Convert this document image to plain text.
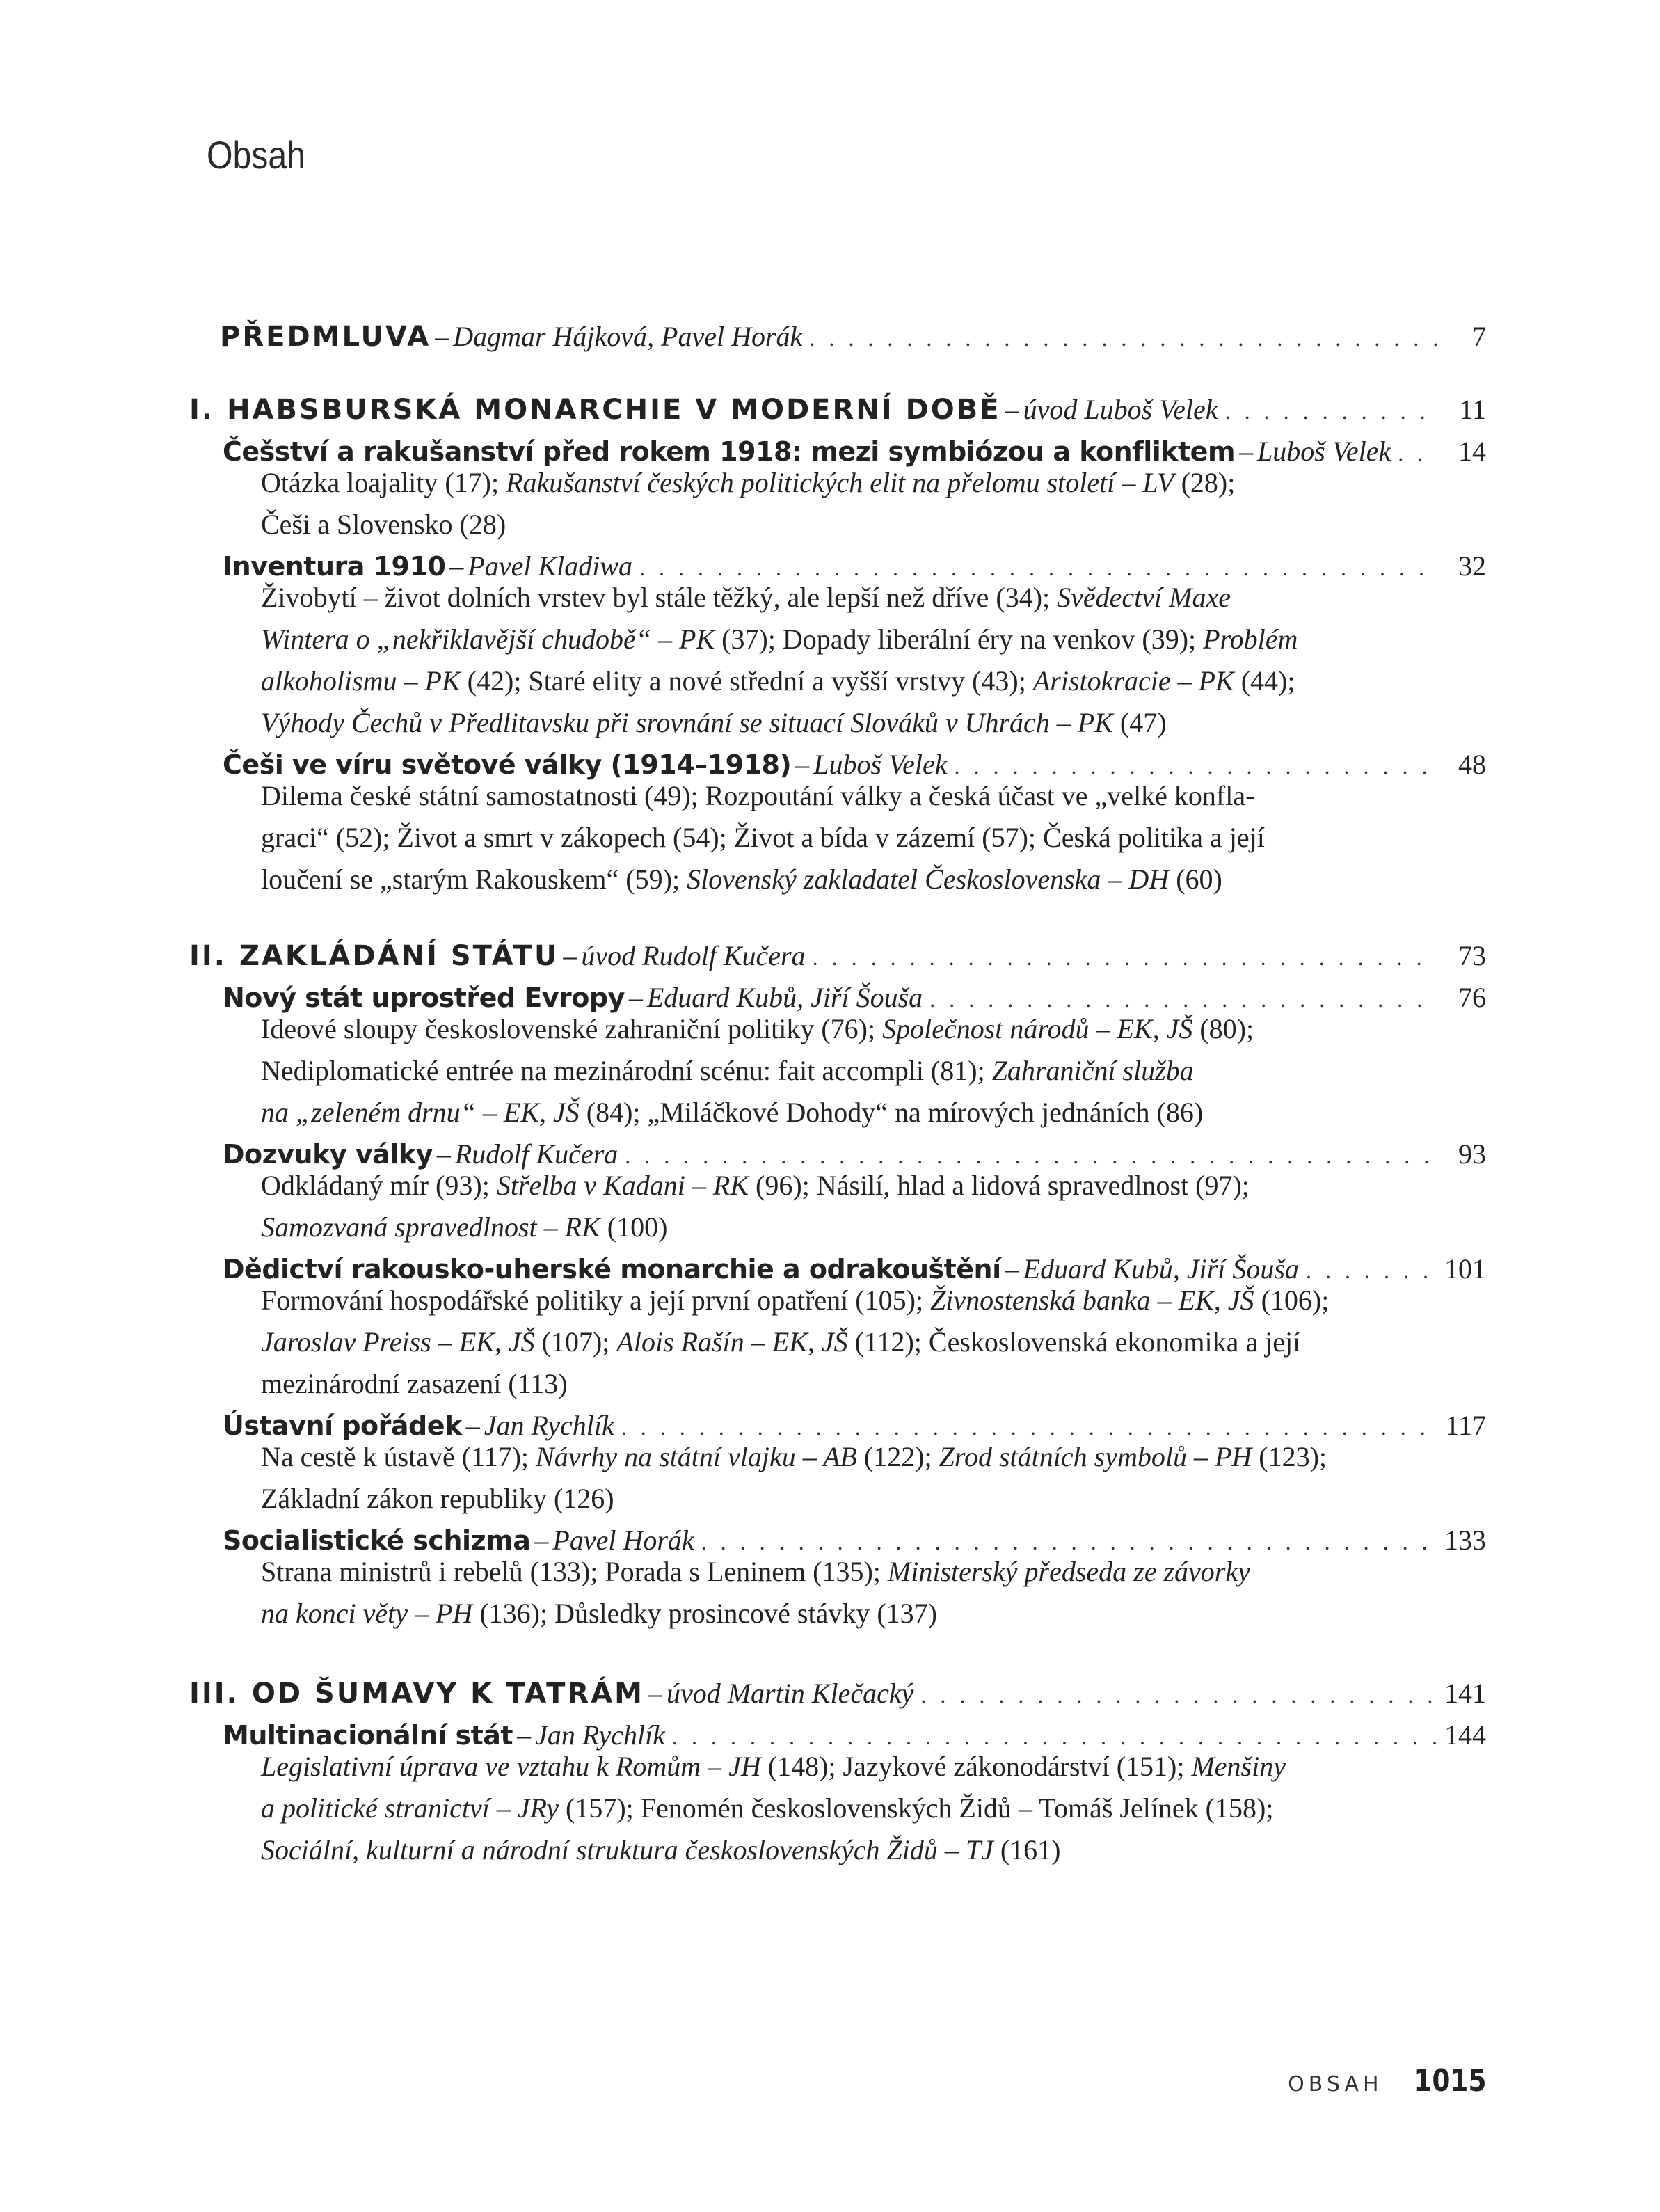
Obsah
PŘEDMLUVA – Dagmar Hájková, Pavel Horák . . .	7
I. HABSBURSKÁ MONARCHIE V MODERNÍ DOBĚ – úvod Luboš Velek . . .	11
Češství a rakušanství před rokem 1918: mezi symbiózou a konfliktem – Luboš Velek . . .	14
Otázka loajality (17); Rakušanství českých politických elit na přelomu století – LV (28);
Češi a Slovensko (28)
Inventura 1910 – Pavel Kladiwa . . .	32
Živobytí – život dolních vrstev byl stále těžký, ale lepší než dříve (34); Svědectví Maxe
Wintera o „nekřiklavější chudobě“ – PK (37); Dopady liberální éry na venkov (39); Problém
alkoholismu – PK (42); Staré elity a nové střední a vyšší vrstvy (43); Aristokracie – PK (44);
Výhody Čechů v Předlitavsku při srovnání se situací Slováků v Uhrách – PK (47)
Češi ve víru světové války (1914–1918) – Luboš Velek . . .	48
Dilema české státní samostatnosti (49); Rozpoutání války a česká účast ve „velké konfla-
graci“ (52); Život a smrt v zákopech (54); Život a bída v zázemí (57); Česká politika a její
loučení se „starým Rakouskem“ (59); Slovenský zakladatel Československa – DH (60)
II. ZAKLÁDÁNÍ STÁTU – úvod Rudolf Kučera . . .	73
Nový stát uprostřed Evropy – Eduard Kubů, Jiří Šouša . . .	76
Ideové sloupy československé zahraniční politiky (76); Společnost národů – EK, JŠ (80);
Nediplomatické entrée na mezinárodní scénu: fait accompli (81); Zahraniční služba
na „zeleném drnu“ – EK, JŠ (84); „Miláčkové Dohody“ na mírových jednáních (86)
Dozvuky války – Rudolf Kučera . . .	93
Odkládaný mír (93); Střelba v Kadani – RK (96); Násilí, hlad a lidová spravedlnost (97);
Samozvaná spravedlnost – RK (100)
Dědictví rakousko-uherské monarchie a odrakouštění – Eduard Kubů, Jiří Šouša . . .	101
Formování hospodářské politiky a její první opatření (105); Živnostenská banka – EK, JŠ (106);
Jaroslav Preiss – EK, JŠ (107); Alois Rašín – EK, JŠ (112); Československá ekonomika a její
mezinárodní zasazení (113)
Ústavní pořádek – Jan Rychlík . . .	117
Na cestě k ústavě (117); Návrhy na státní vlajku – AB (122); Zrod státních symbolů – PH (123);
Základní zákon republiky (126)
Socialistické schizma – Pavel Horák . . .	133
Strana ministrů i rebelů (133); Porada s Leninem (135); Ministerský předseda ze závorky
na konci věty – PH (136); Důsledky prosincové stávky (137)
III. OD ŠUMAVY K TATRÁM – úvod Martin Klečacký . . .	141
Multinacionální stát – Jan Rychlík . . .	144
Legislativní úprava ve vztahu k Romům – JH (148); Jazykové zákonodárství (151); Menšiny
a politické stranictví – JRy (157); Fenomén československých Židů – Tomáš Jelínek (158);
Sociální, kulturní a národní struktura československých Židů – TJ (161)
OBSAH 1015
